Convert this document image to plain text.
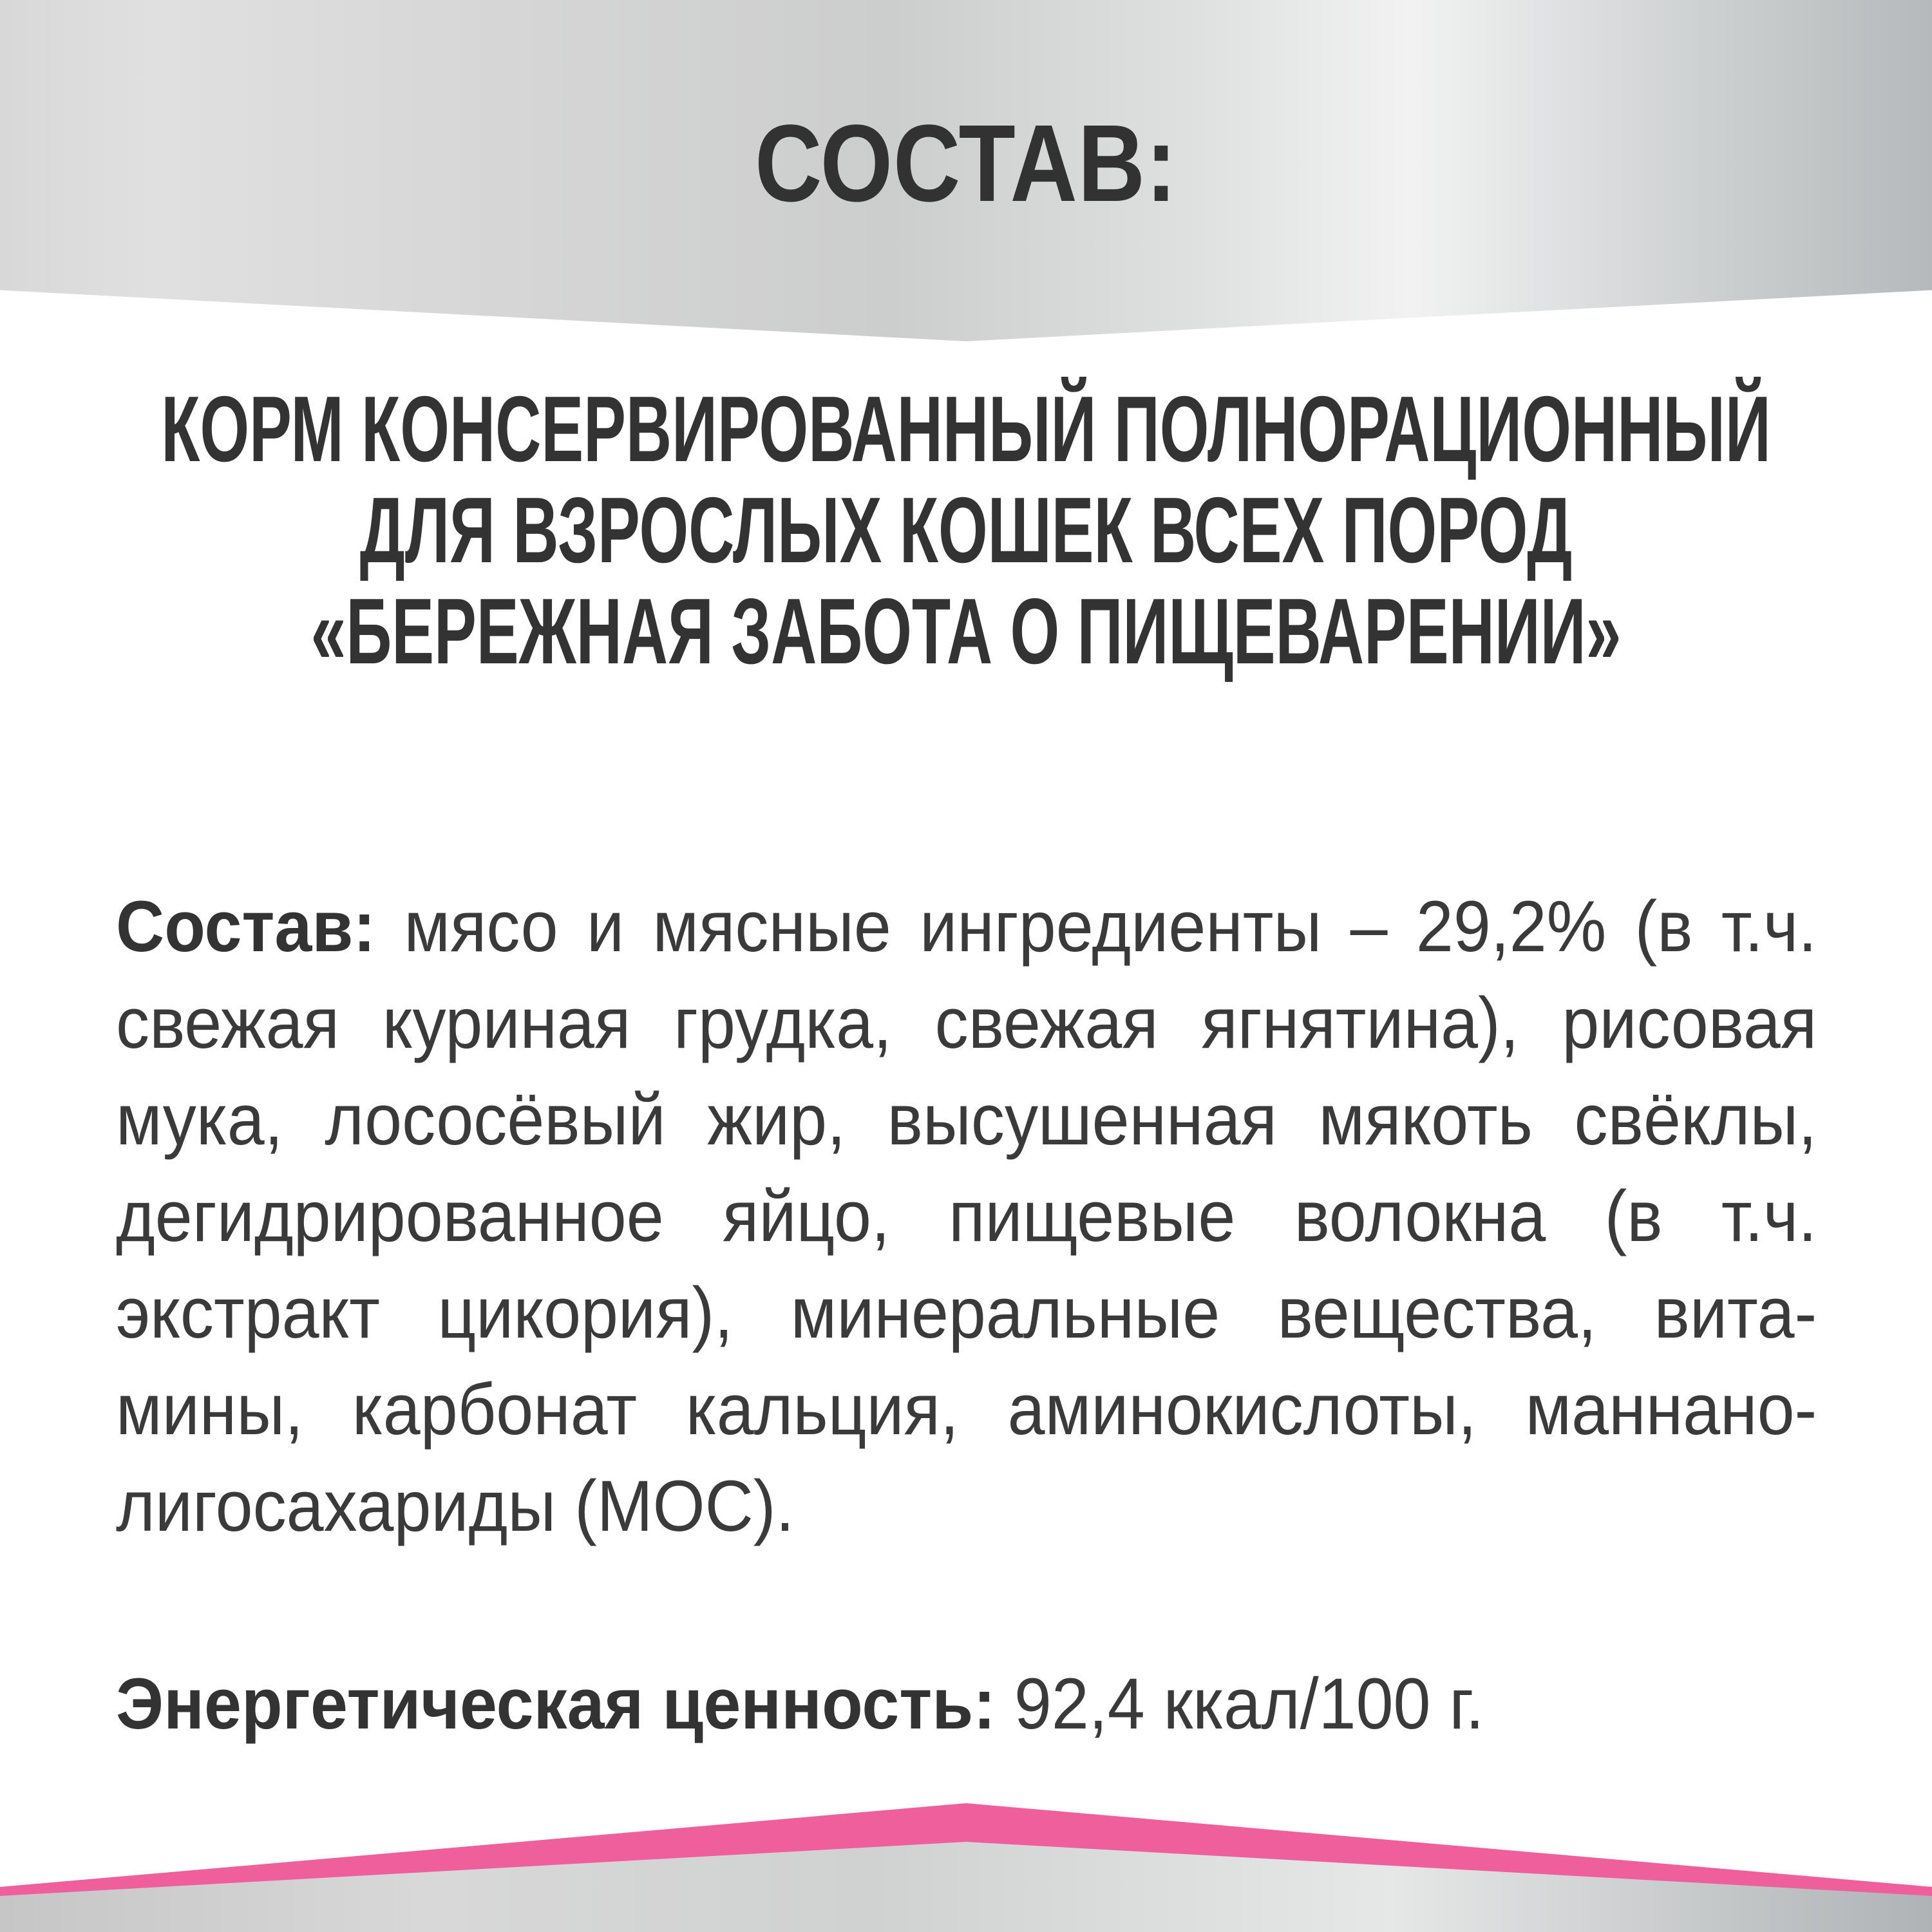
СОСТАВ:
КОРМ КОНСЕРВИРОВАННЫЙ ПОЛНОРАЦИОННЫЙ
ДЛЯ ВЗРОСЛЫХ КОШЕК ВСЕХ ПОРОД
«БЕРЕЖНАЯ ЗАБОТА О ПИЩЕВАРЕНИИ»
Состав: мясо и мясные ингредиенты – 29,2% (в т.ч.
свежая куриная грудка, свежая ягнятина), рисовая
мука, лососёвый жир, высушенная мякоть свёклы,
дегидрированное яйцо, пищевые волокна (в т.ч.
экстракт цикория), минеральные вещества, вита-
мины, карбонат кальция, аминокислоты, маннано-
лигосахариды (МОС).
Энергетическая ценность: 92,4 ккал/100 г.
